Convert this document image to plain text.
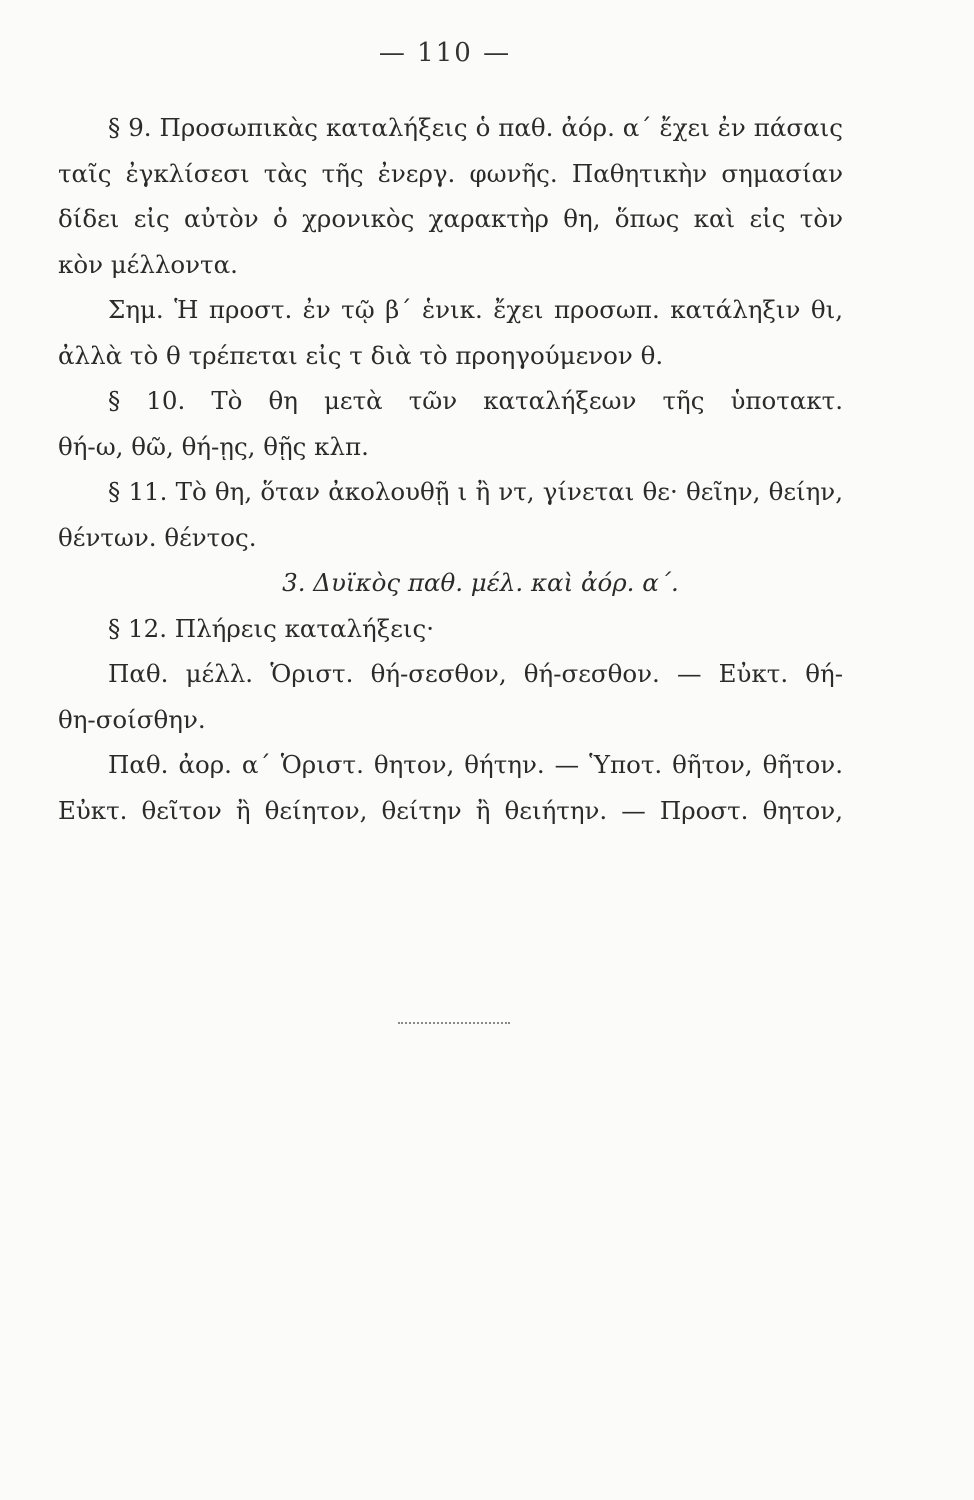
— 110 —
§ 9. Προσωπικὰς καταλήξεις ὁ παθ. ἀόρ. α΄ ἔχει ἐν πάσαις
ταῖς ἐγκλίσεσι τὰς τῆς ἐνεργ. φωνῆς. Παθητικὴν σημασίαν
δίδει εἰς αὐτὸν ὁ χρονικὸς χαρακτὴρ θη, ὅπως καὶ εἰς τὸν
κὸν μέλλοντα.
Σημ. Ἡ προστ. ἐν τῷ β΄ ἑνικ. ἔχει προσωπ. κατάληξιν θι,
ἀλλὰ τὸ θ τρέπεται εἰς τ διὰ τὸ προηγούμενον θ.
§ 10. Τὸ θη μετὰ τῶν καταλήξεων τῆς ὑποτακτ.
θή-ω, θῶ, θή-ῃς, θῇς κλπ.
§ 11. Τὸ θη, ὅταν ἀκολουθῇ ι ἢ ντ, γίνεται θε· θεῖην, θείην,
θέντων. θέντος.
3. Δυϊκὸς παθ. μέλ. καὶ ἀόρ. α΄.
§ 12. Πλήρεις καταλήξεις·
Παθ. μέλλ. Ὁριστ. θή-σεσθον, θή-σεσθον. — Εὐκτ. θή-
θη-σοίσθην.
Παθ. ἀορ. α΄ Ὁριστ. θητον, θήτην. — Ὑποτ. θῆτον, θῆτον.
Εὐκτ. θεῖτον ἢ θείητον, θείτην ἢ θειήτην. — Προστ. θητον,
